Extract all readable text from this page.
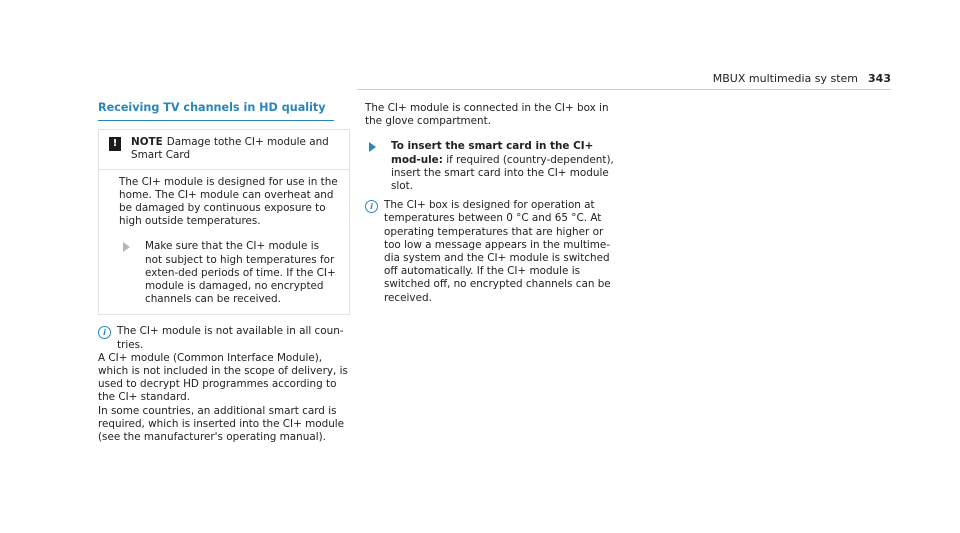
MBUX multimedia sy stem 343
Receiving TV channels in HD quality
!	NOTE Damage tothe CI+ module and Smart Card

The CI+ module is designed for use in the home. The CI+ module can overheat and be damaged by continuous exposure to high outside temperatures.

Make sure that the CI+ module is not subject to high temperatures for exten-ded periods of time. If the CI+ module is damaged, no encrypted channels can be received.
i	The CI+ module is not available in all coun-tries.

A CI+ module (Common Interface Module), which is not included in the scope of delivery, is used to decrypt HD programmes according to the CI+ standard.

In some countries, an additional smart card is required, which is inserted into the CI+ module (see the manufacturer's operating manual).

The CI+ module is connected in the CI+ box in the glove compartment.

To insert the smart card in the CI+ mod-ule: if required (country-dependent), insert the smart card into the CI+ module slot.
i	The CI+ box is designed for operation at temperatures between 0 °C and 65 °C. At operating temperatures that are higher or too low a message appears in the multime-dia system and the CI+ module is switched off automatically. If the CI+ module is switched off, no encrypted channels can be received.
